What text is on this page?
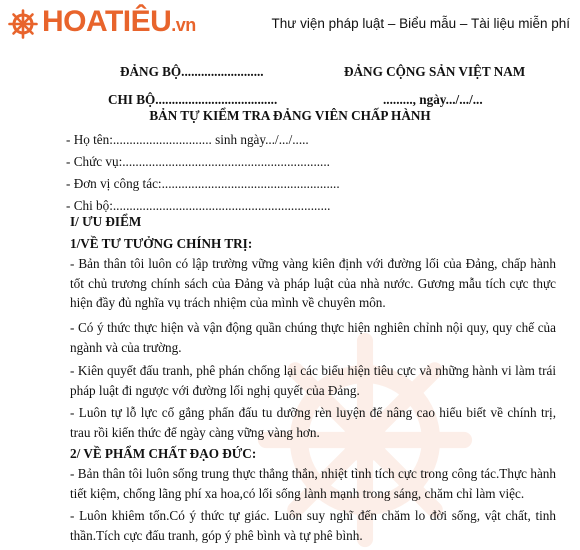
HOATIÊU.vn	Thư viện pháp luật – Biểu mẫu – Tài liệu miễn phí
ĐẢNG BỘ.........................	ĐẢNG CỘNG SẢN VIỆT NAM
CHI BỘ.....................................	........., ngày.../.../...
BẢN TỰ KIỂM TRA ĐẢNG VIÊN CHẤP HÀNH
- Họ tên:.............................. sinh ngày.../.../.....
- Chức vụ:...............................................................
- Đơn vị công tác:......................................................
- Chi bộ:..................................................................
I/ ƯU ĐIỂM
1/VỀ TƯ TƯỞNG CHÍNH TRỊ:
- Bản thân tôi luôn có lập trường vững vàng kiên định với đường lối của Đảng, chấp hành tốt chủ trương chính sách của Đảng và pháp luật của nhà nước. Gương mẫu tích cực thực hiện đầy đủ nghĩa vụ trách nhiệm của mình về chuyên môn.
- Có ý thức thực hiện và vận động quần chúng thực hiện nghiên chỉnh nội quy, quy chế của ngành và của trường.
- Kiên quyết đấu tranh, phê phán chống lại các biểu hiện tiêu cực và những hành vi làm trái pháp luật đi ngược với đường lối nghị quyết của Đảng.
- Luôn tự lỗ lực cố gắng phấn đấu tu dưỡng rèn luyện để nâng cao hiểu biết về chính trị, trau rồi kiến thức để ngày càng vững vàng hơn.
2/ VỀ PHẨM CHẤT ĐẠO ĐỨC:
- Bản thân tôi luôn sống trung thực thẳng thắn, nhiệt tình tích cực trong công tác.Thực hành tiết kiệm, chống lãng phí xa hoa,có lối sống lành mạnh trong sáng, chăm chỉ làm việc.
- Luôn khiêm tốn.Có ý thức tự giác. Luôn suy nghĩ đến chăm lo đời sống, vật chất, tinh thần.Tích cực đấu tranh, góp ý phê bình và tự phê bình.
